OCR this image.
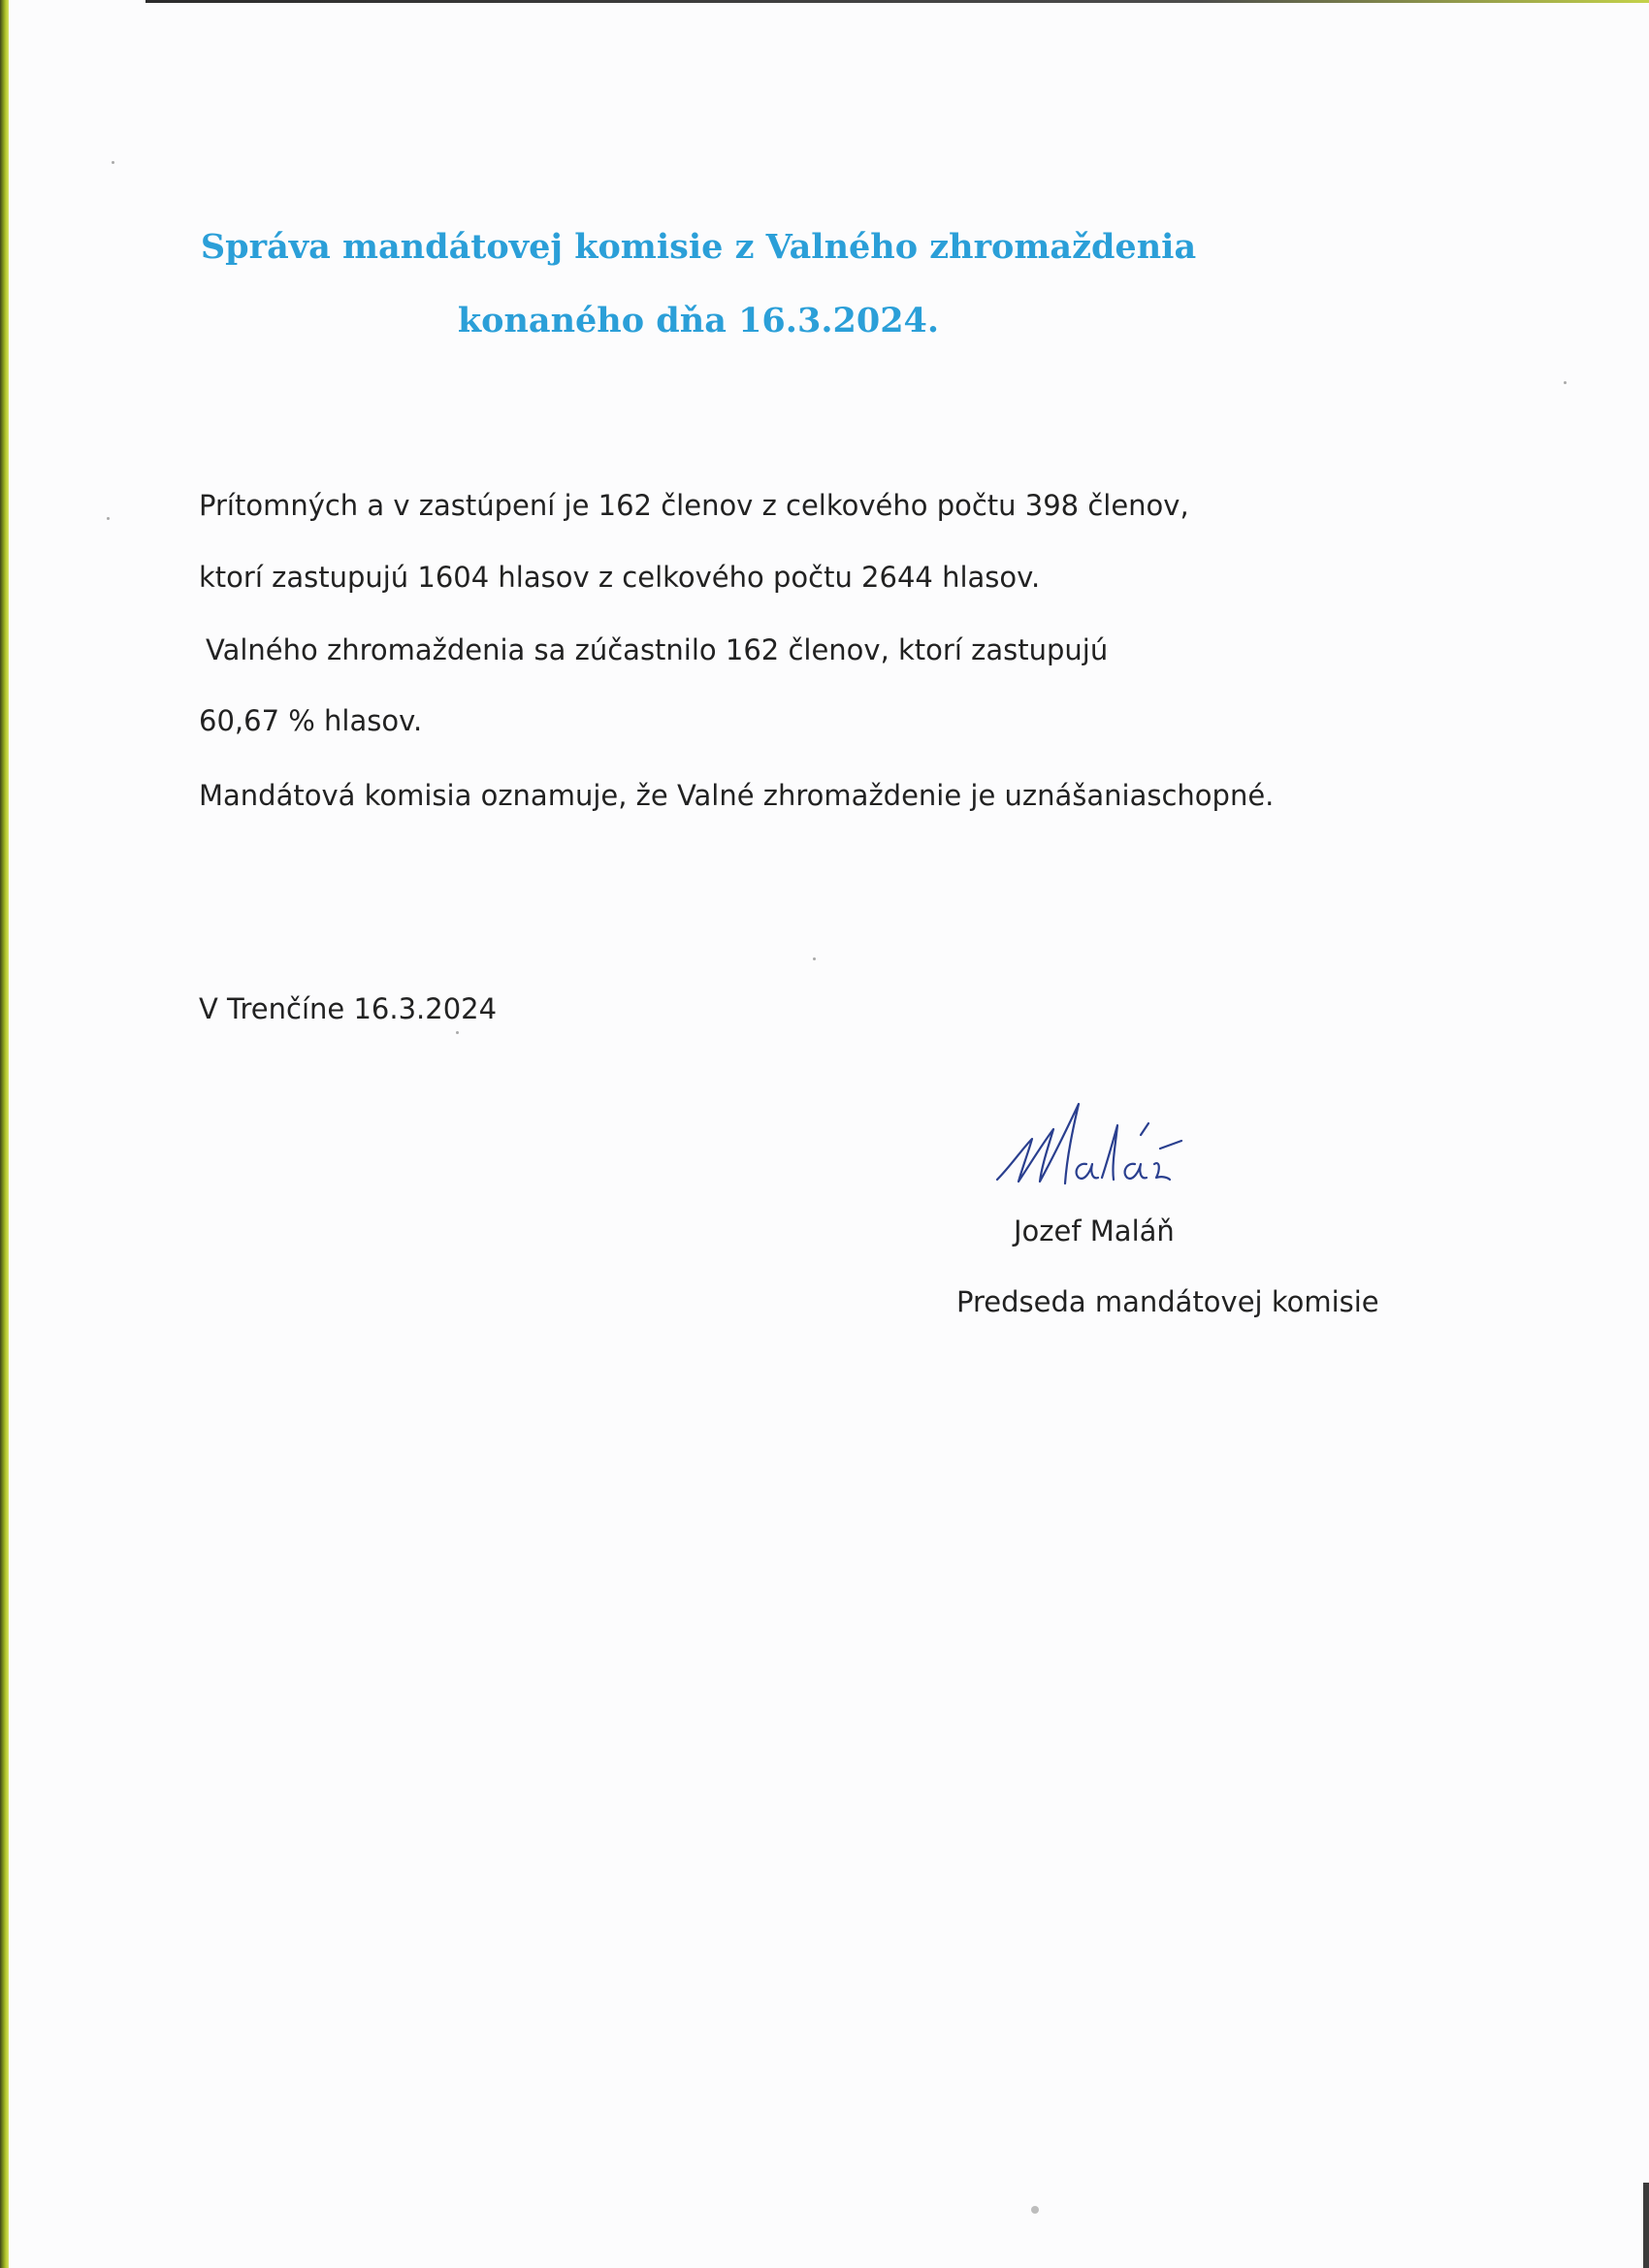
Správa mandátovej komisie z Valného zhromaždenia
konaného dňa 16.3.2024.

Prítomných a v zastúpení je 162 členov z celkového počtu 398 členov,

ktorí zastupujú 1604 hlasov z celkového počtu 2644 hlasov.

Valného zhromaždenia sa zúčastnilo 162 členov, ktorí zastupujú

60,67 % hlasov.

Mandátová komisia oznamuje, že Valné zhromaždenie je uznášaniaschopné.

V Trenčíne 16.3.2024

Jozef Maláň

Predseda mandátovej komisie
